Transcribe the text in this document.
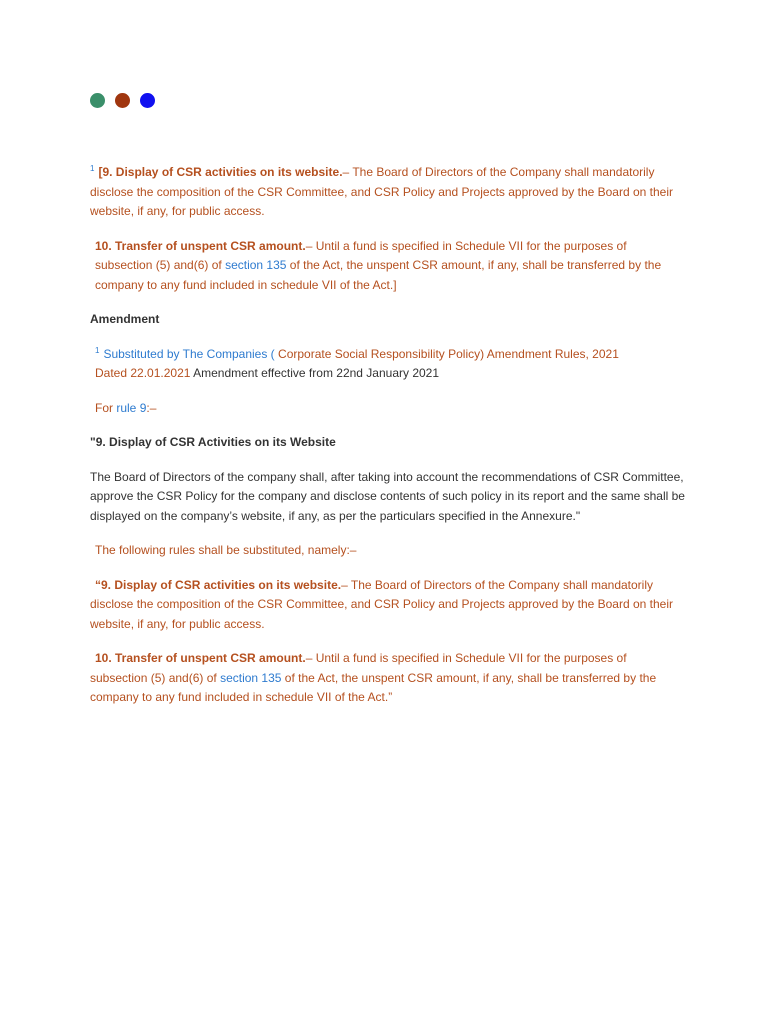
$^1$ [9. Display of CSR activities on its website.– The Board of Directors of the Company shall mandatorily disclose the composition of the CSR Committee, and CSR Policy and Projects approved by the Board on their website, if any, for public access.

10. Transfer of unspent CSR amount.– Until a fund is specified in Schedule VII for the purposes of subsection (5) and(6) of section 135 of the Act, the unspent CSR amount, if any, shall be transferred by the company to any fund included in schedule VII of the Act.]

Amendment

$^1$ Substituted by The Companies ( Corporate Social Responsibility Policy) Amendment Rules, 2021
Dated 22.01.2021 Amendment effective from 22nd January 2021

For rule 9:–

"9. Display of CSR Activities on its Website

The Board of Directors of the company shall, after taking into account the recommendations of CSR Committee, approve the CSR Policy for the company and disclose contents of such policy in its report and the same shall be displayed on the company’s website, if any, as per the particulars specified in the Annexure."

The following rules shall be substituted, namely:–

“9. Display of CSR activities on its website.– The Board of Directors of the Company shall mandatorily disclose the composition of the CSR Committee, and CSR Policy and Projects approved by the Board on their website, if any, for public access.

10. Transfer of unspent CSR amount.– Until a fund is specified in Schedule VII for the purposes of subsection (5) and(6) of section 135 of the Act, the unspent CSR amount, if any, shall be transferred by the company to any fund included in schedule VII of the Act.”
